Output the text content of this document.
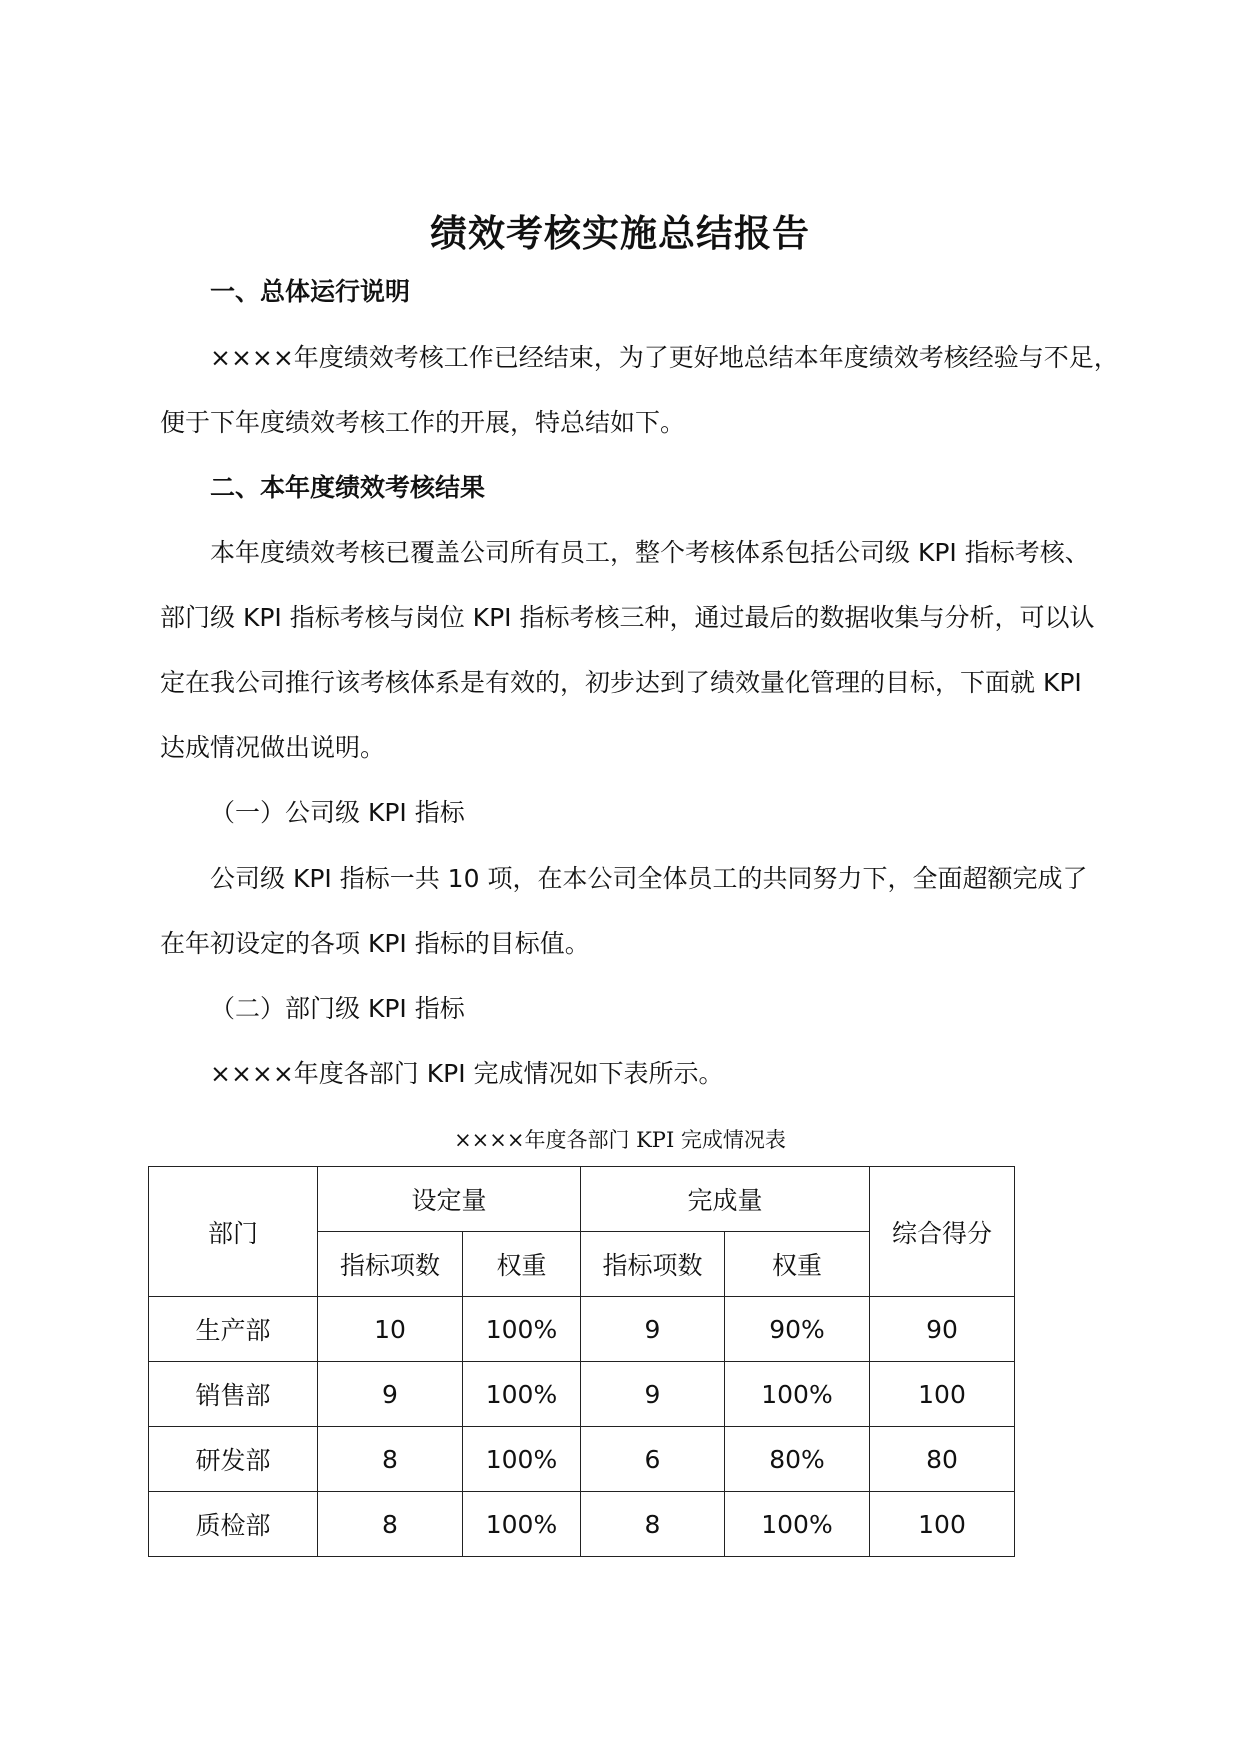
绩效考核实施总结报告
一、总体运行说明
××××年度绩效考核工作已经结束，为了更好地总结本年度绩效考核经验与不足，
便于下年度绩效考核工作的开展，特总结如下。
二、本年度绩效考核结果
本年度绩效考核已覆盖公司所有员工，整个考核体系包括公司级 KPI 指标考核、
部门级 KPI 指标考核与岗位 KPI 指标考核三种，通过最后的数据收集与分析，可以认
定在我公司推行该考核体系是有效的，初步达到了绩效量化管理的目标，下面就 KPI
达成情况做出说明。
（一）公司级 KPI 指标
公司级 KPI 指标一共 10 项，在本公司全体员工的共同努力下，全面超额完成了
在年初设定的各项 KPI 指标的目标值。
（二）部门级 KPI 指标
××××年度各部门 KPI 完成情况如下表所示。
××××年度各部门 KPI 完成情况表
部门	设定量		完成量		综合得分
	指标项数	权重	指标项数	权重	
生产部	10	100%	9	90%	90
销售部	9	100%	9	100%	100
研发部	8	100%	6	80%	80
质检部	8	100%	8	100%	100
